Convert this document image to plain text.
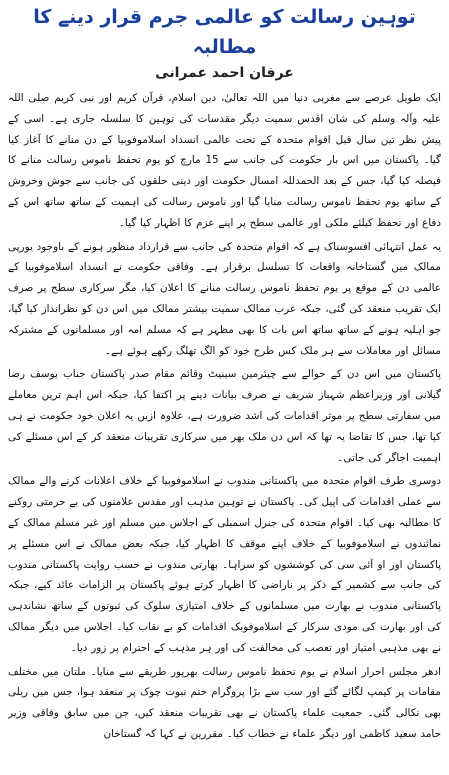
توہین رسالت کو عالمی جرم قرار دینے کا مطالبہ
عرفان احمد عمرانی

ایک طویل عرصے سے مغربی دنیا میں اللہ تعالیٰ، دین اسلام، قرآن کریم اور نبی کریم صلی اللہ علیہ وآلہ وسلم کی شان اقدس سمیت دیگر مقدسات کی توہین کا سلسلہ جاری ہے۔ اسی کے پیش نظر تین سال قبل اقوام متحدہ کے تحت عالمی انسداد اسلاموفوبیا کے دن منانے کا آغاز کیا گیا۔ پاکستان میں اس بار حکومت کی جانب سے 15 مارچ کو یوم تحفظ ناموس رسالت منانے کا فیصلہ کیا گیا، جس کے بعد الحمدللہ امسال حکومت اور دینی حلقوں کی جانب سے جوش وخروش کے ساتھ یوم تحفظ ناموس رسالت منایا گیا اور ناموس رسالت کی اہمیت کے ساتھ ساتھ اس کے دفاع اور تحفظ کیلئے ملکی اور عالمی سطح پر اپنے عزم کا اظہار کیا گیا۔

یہ عمل انتہائی افسوسناک ہے کہ اقوام متحدہ کی جانب سے قرارداد منظور ہونے کے باوجود یورپی ممالک میں گستاخانہ واقعات کا تسلسل برقرار ہے۔ وفاقی حکومت نے انسداد اسلاموفوبیا کے عالمی دن کے موقع پر یوم تحفظ ناموس رسالت منانے کا اعلان کیا، مگر سرکاری سطح پر صرف ایک تقریب منعقد کی گئی، جبکہ عرب ممالک سمیت بیشتر ممالک میں اس دن کو نظرانداز کیا گیا، جو اہلیہ ہونے کے ساتھ ساتھ اس بات کا بھی مظہر ہے کہ مسلم امہ اور مسلمانوں کے مشترکہ مسائل اور معاملات سے ہر ملک کس طرح خود کو الگ تھلگ رکھے ہوئے ہے۔

پاکستان میں اس دن کے حوالے سے چیئرمین سینیٹ وقائم مقام صدر پاکستان جناب یوسف رضا گیلانی اور وزیراعظم شہباز شریف نے صرف بیانات دینے پر اکتفا کیا، جبکہ اس اہم ترین معاملے میں سفارتی سطح پر موثر اقدامات کی اشد ضرورت ہے، علاوہ ازیں یہ اعلان خود حکومت نے ہی کیا تھا، جس کا تقاضا یہ تھا کہ اس دن ملک بھر میں سرکاری تقریبات منعقد کر کے اس مسئلے کی اہمیت اجاگر کی جاتی۔

دوسری طرف اقوام متحدہ میں پاکستانی مندوب نے اسلاموفوبیا کے خلاف اعلانات کرنے والے ممالک سے عملی اقدامات کی اپیل کی۔ پاکستان نے توہین مذہب اور مقدس علامتوں کی بے حرمتی روکنے کا مطالبہ بھی کیا۔ اقوام متحدہ کی جنرل اسمبلی کے اجلاس میں مسلم اور غیر مسلم ممالک کے نمائندوں نے اسلاموفوبیا کے خلاف اپنے موقف کا اظہار کیا، جبکہ بعض ممالک نے اس مسئلے پر پاکستان اور او آئی سی کی کوششوں کو سراہا۔ بھارتی مندوب نے حسب روایت پاکستانی مندوب کی جانب سے کشمیر کے ذکر پر ناراضی کا اظہار کرتے ہوئے پاکستان پر الزامات عائد کیے، جبکہ پاکستانی مندوب نے بھارت میں مسلمانوں کے خلاف امتیازی سلوک کی ثبوتوں کے ساتھ نشاندہی کی اور بھارت کی مودی سرکار کے اسلاموفوبک اقدامات کو بے نقاب کیا۔ اجلاس میں دیگر ممالک نے بھی مذہبی امتیاز اور تعصب کی مخالفت کی اور ہر مذہب کے احترام پر زور دیا۔

ادھر مجلس احرار اسلام نے یوم تحفظ ناموس رسالت بھرپور طریقے سے منایا۔ ملتان میں مختلف مقامات پر کیمپ لگائے گئے اور سب سے بڑا پروگرام ختم نبوت چوک پر منعقد ہوا، جس میں ریلی بھی نکالی گئی۔ جمعیت علماء پاکستان نے بھی تقریبات منعقد کیں، جن میں سابق وفاقی وزیر حامد سعید کاظمی اور دیگر علماء نے خطاب کیا۔ مقررین نے کہا کہ گستاخان
